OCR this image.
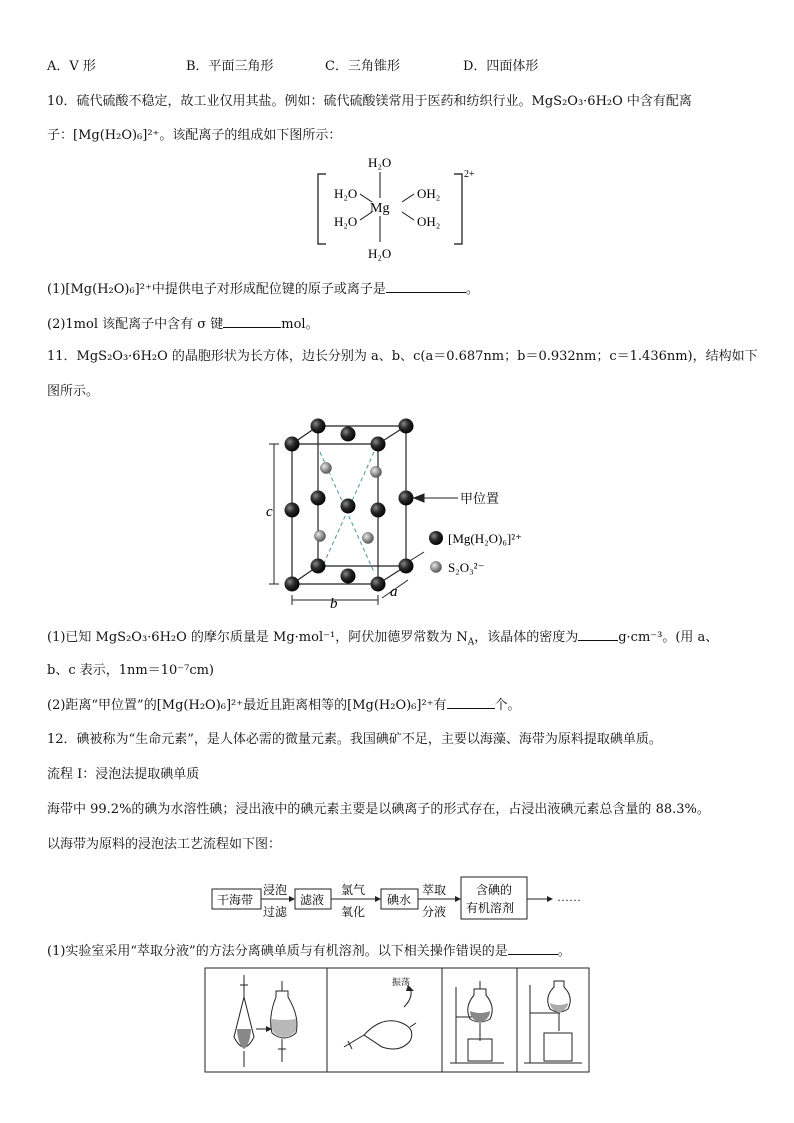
A．V 形	B．平面三角形	C．三角锥形	D．四面体形
10．硫代硫酸不稳定，故工业仅用其盐。例如：硫代硫酸镁常用于医药和纺织行业。MgS₂O₃·6H₂O 中含有配离
子：[Mg(H₂O)₆]²⁺。该配离子的组成如下图所示：
H₂O
H₂O
H₂O
Mg
OH₂
OH₂
H₂O
2+
(1)[Mg(H₂O)₆]²⁺中提供电子对形成配位键的原子或离子是	。
(2)1mol 该配离子中含有 σ 键	mol。
11．MgS₂O₃·6H₂O 的晶胞形状为长方体，边长分别为 a、b、c(a＝0.687nm；b＝0.932nm；c＝1.436nm)，结构如下
图所示。
c
b
a
甲位置
[Mg(H₂O)₆]²⁺
S₂O₃²⁻
(1)已知 MgS₂O₃·6H₂O 的摩尔质量是 Mg·mol⁻¹，阿伏加德罗常数为 $N_A$，该晶体的密度为	g·cm⁻³。(用 a、
b、c 表示，1nm＝10⁻⁷cm)
(2)距离“甲位置”的[Mg(H₂O)₆]²⁺最近且距离相等的[Mg(H₂O)₆]²⁺有	个。
12．碘被称为“生命元素”，是人体必需的微量元素。我国碘矿不足，主要以海藻、海带为原料提取碘单质。
流程 I：浸泡法提取碘单质
海带中 99.2%的碘为水溶性碘；浸出液中的碘元素主要是以碘离子的形式存在，占浸出液碘元素总含量的 88.3%。
以海带为原料的浸泡法工艺流程如下图：
干海带
浸泡
过滤
滤液
氯气
氧化
碘水
萃取
分液
含碘的
有机溶剂
……
(1)实验室采用“萃取分液”的方法分离碘单质与有机溶剂。以下相关操作错误的是	。
振荡
